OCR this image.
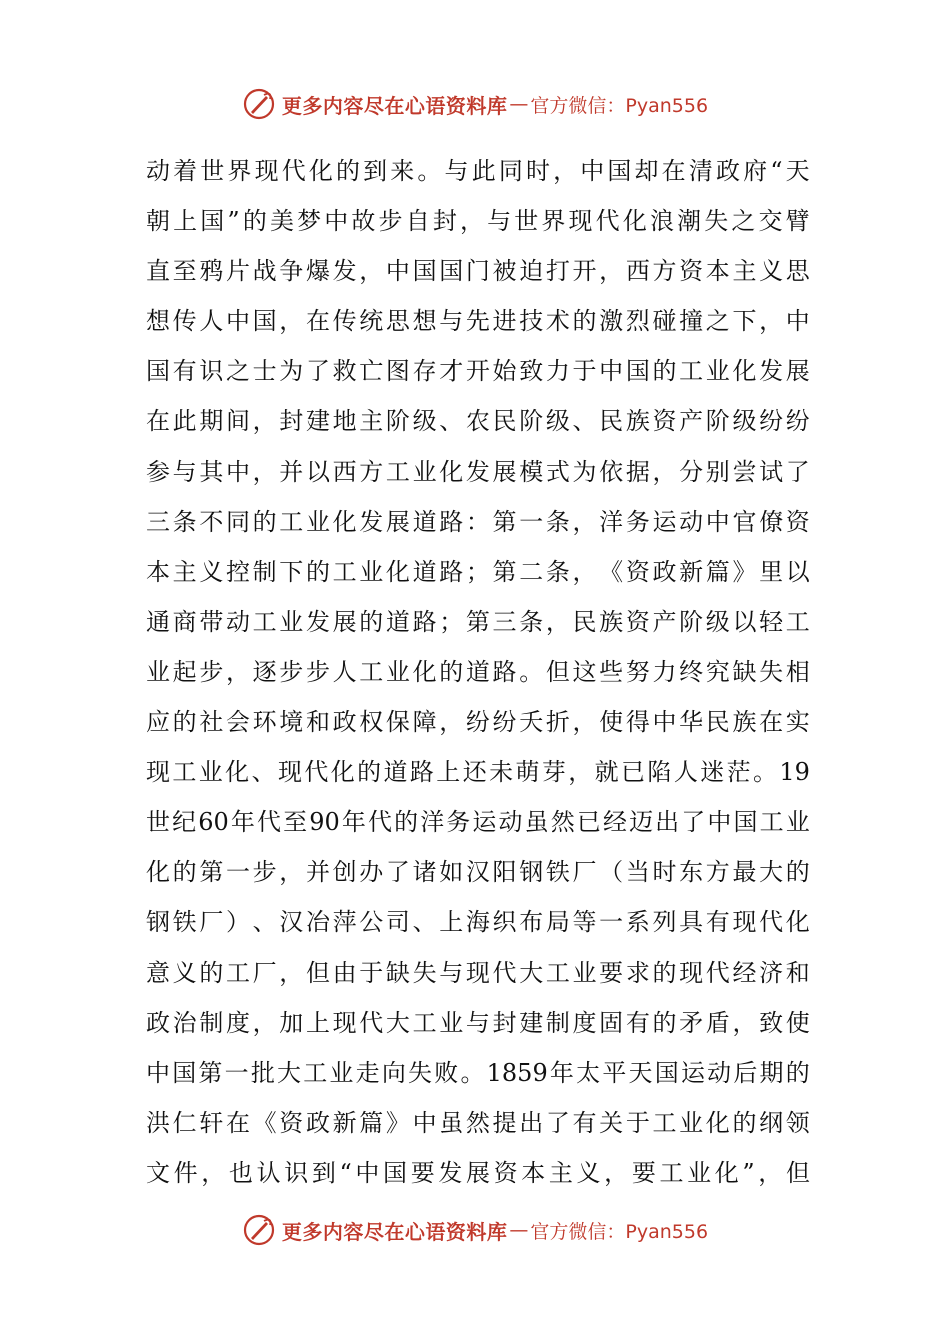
更多内容尽在心语资料库 — 官方微信：Pyan556
动 着 世 界 现 代 化 的 到 来 。 与 此 同 时 ， 中 国 却 在 清 政 府 “ 天
朝 上 国 ” 的 美 梦 中 故 步 自 封 ， 与 世 界 现 代 化 浪 潮 失 之 交 臂
直 至 鸦 片 战 争 爆 发 ， 中 国 国 门 被 迫 打 开 ， 西 方 资 本 主 义 思
想 传 人 中 国 ， 在 传 统 思 想 与 先 进 技 术 的 激 烈 碰 撞 之 下 ， 中
国 有 识 之 士 为 了 救 亡 图 存 才 开 始 致 力 于 中 国 的 工 业 化 发 展
在 此 期 间 ， 封 建 地 主 阶 级 、 农 民 阶 级 、 民 族 资 产 阶 级 纷 纷
参 与 其 中 ， 并 以 西 方 工 业 化 发 展 模 式 为 依 据 ， 分 别 尝 试 了
三 条 不 同 的 工 业 化 发 展 道 路 ： 第 一 条 ， 洋 务 运 动 中 官 僚 资
本 主 义 控 制 下 的 工 业 化 道 路 ； 第 二 条 ， 《 资 政 新 篇 》 里 以
通 商 带 动 工 业 发 展 的 道 路 ； 第 三 条 ， 民 族 资 产 阶 级 以 轻 工
业 起 步 ， 逐 步 步 人 工 业 化 的 道 路 。 但 这 些 努 力 终 究 缺 失 相
应 的 社 会 环 境 和 政 权 保 障 ， 纷 纷 夭 折 ， 使 得 中 华 民 族 在 实
现 工 业 化 、 现 代 化 的 道 路 上 还 未 萌 芽 ， 就 已 陷 人 迷 茫 。 19
世 纪 60 年 代 至 90 年 代 的 洋 务 运 动 虽 然 已 经 迈 出 了 中 国 工 业
化 的 第 一 步 ， 并 创 办 了 诸 如 汉 阳 钢 铁 厂 （ 当 时 东 方 最 大 的
钢 铁 厂 ） 、 汉 冶 萍 公 司 、 上 海 织 布 局 等 一 系 列 具 有 现 代 化
意 义 的 工 厂 ， 但 由 于 缺 失 与 现 代 大 工 业 要 求 的 现 代 经 济 和
政 治 制 度 ， 加 上 现 代 大 工 业 与 封 建 制 度 固 有 的 矛 盾 ， 致 使
中 国 第 一 批 大 工 业 走 向 失 败 。 1859 年 太 平 天 国 运 动 后 期 的
洪 仁 轩 在 《 资 政 新 篇 》 中 虽 然 提 出 了 有 关 于 工 业 化 的 纲 领
文 件 ， 也 认 识 到 “ 中 国 要 发 展 资 本 主 义 ， 要 工 业 化 ” ， 但
更多内容尽在心语资料库 — 官方微信：Pyan556
